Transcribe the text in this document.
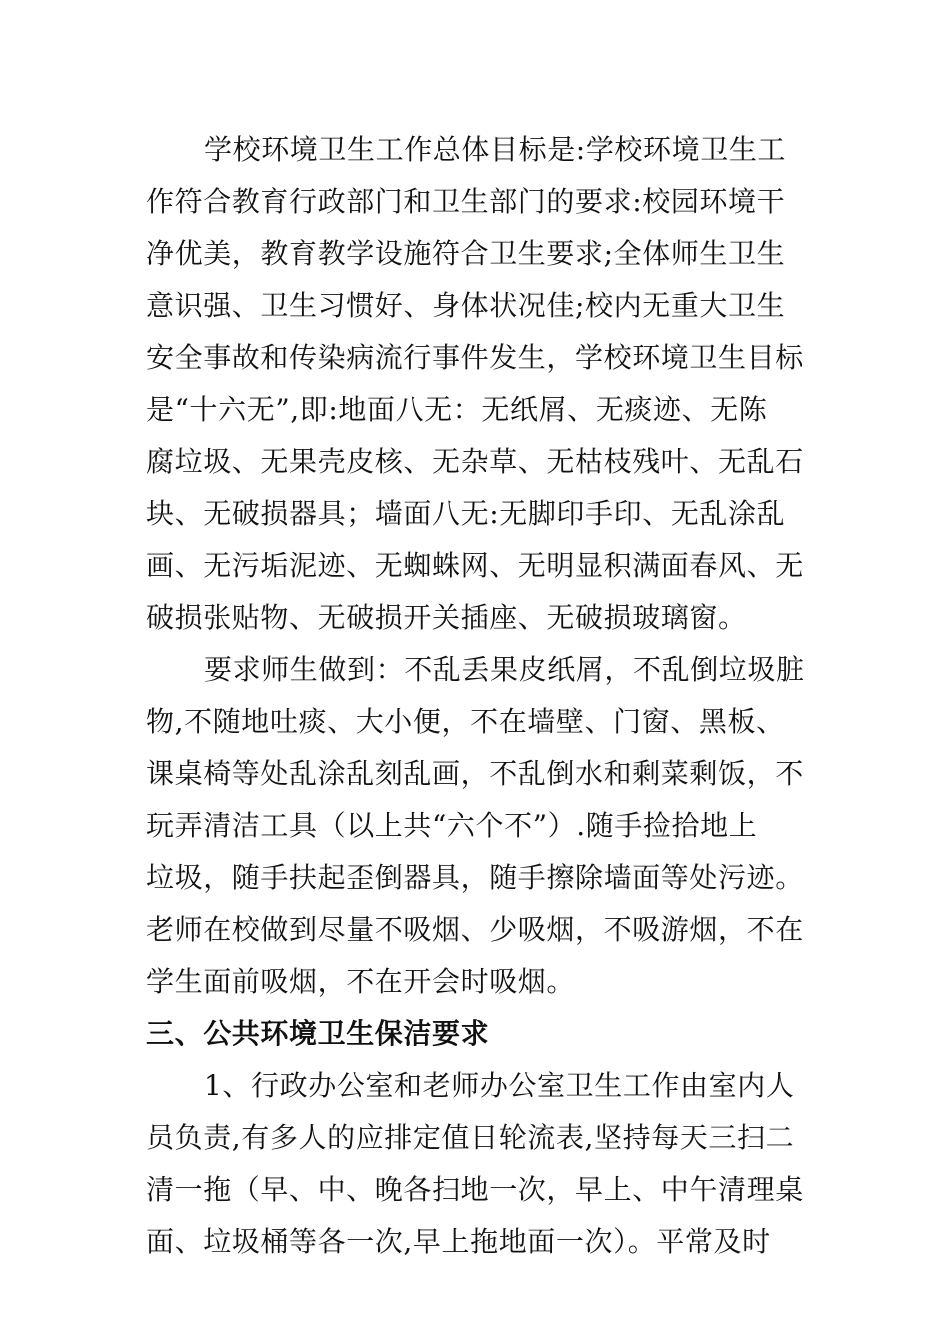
学校环境卫生工作总体目标是:学校环境卫生工
作符合教育行政部门和卫生部门的要求:校园环境干
净优美，教育教学设施符合卫生要求;全体师生卫生
意识强、卫生习惯好、身体状况佳;校内无重大卫生
安全事故和传染病流行事件发生，学校环境卫生目标
是“十六无”,即:地面八无：无纸屑、无痰迹、无陈
腐垃圾、无果壳皮核、无杂草、无枯枝残叶、无乱石
块、无破损器具；墙面八无:无脚印手印、无乱涂乱
画、无污垢泥迹、无蜘蛛网、无明显积满面春风、无
破损张贴物、无破损开关插座、无破损玻璃窗。
要求师生做到：不乱丢果皮纸屑，不乱倒垃圾脏
物,不随地吐痰、大小便，不在墙壁、门窗、黑板、
课桌椅等处乱涂乱刻乱画，不乱倒水和剩菜剩饭，不
玩弄清洁工具（以上共“六个不”）.随手捡拾地上
垃圾，随手扶起歪倒器具，随手擦除墙面等处污迹。
老师在校做到尽量不吸烟、少吸烟，不吸游烟，不在
学生面前吸烟，不在开会时吸烟。
三、公共环境卫生保洁要求
1、行政办公室和老师办公室卫生工作由室内人
员负责,有多人的应排定值日轮流表,坚持每天三扫二
清一拖（早、中、晚各扫地一次，早上、中午清理桌
面、垃圾桶等各一次,早上拖地面一次）。平常及时
